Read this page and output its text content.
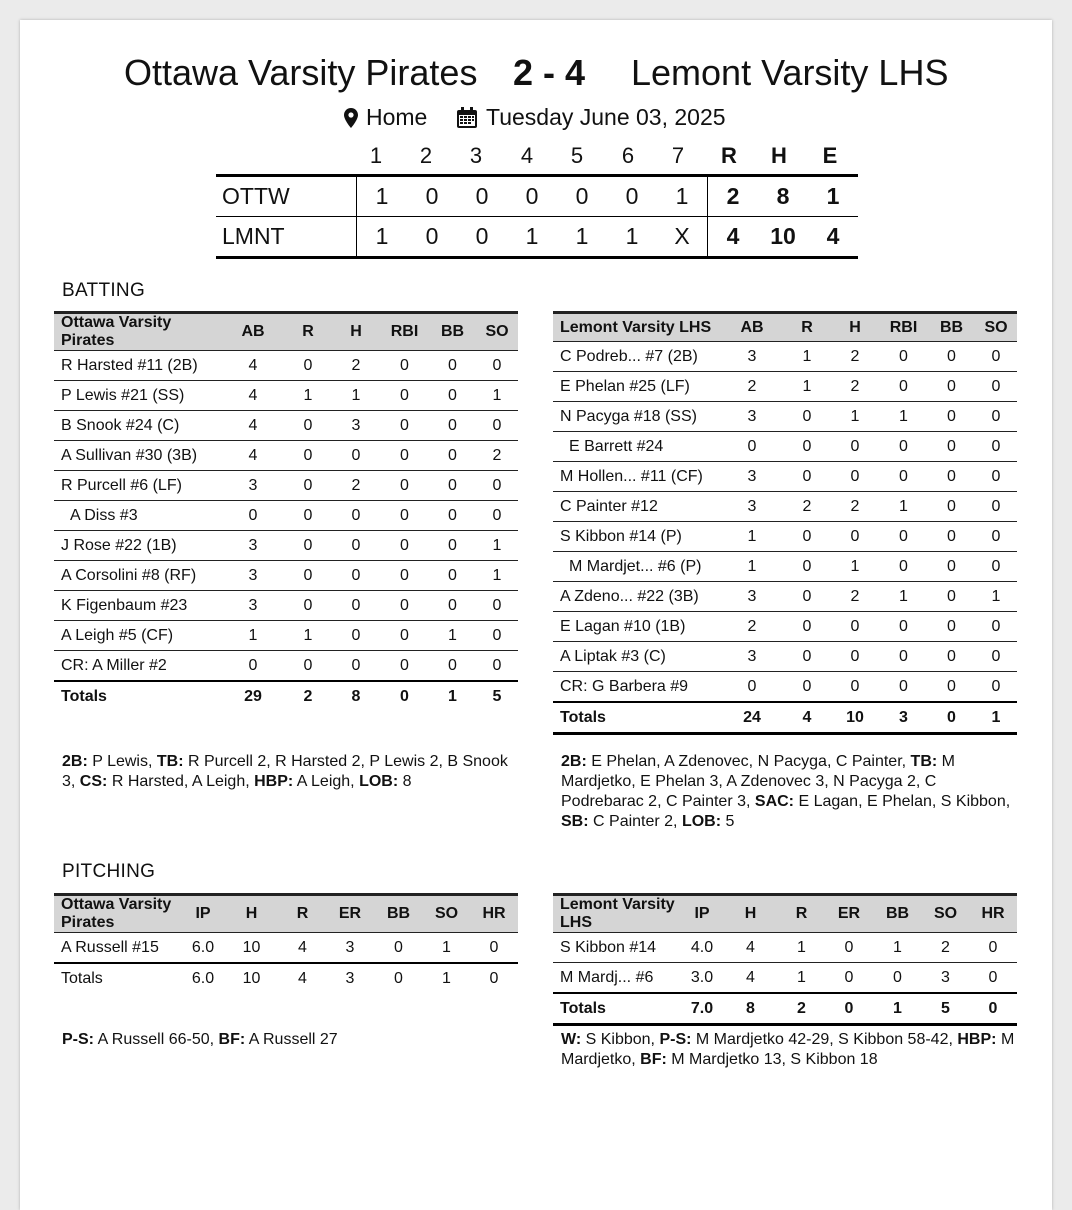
Ottawa Varsity Pirates 2 - 4 Lemont Varsity LHS
Home	Tuesday June 03, 2025
1	2	3	4	5	6	7	R	H	E
OTTW	1	0	0	0	0	0	1	2	8	1
LMNT	1	0	0	1	1	1	X	4	10	4
BATTING
Ottawa Varsity Pirates	AB	R	H	RBI	BB	SO
R Harsted #11 (2B)	4	0	2	0	0	0
P Lewis #21 (SS)	4	1	1	0	0	1
B Snook #24 (C)	4	0	3	0	0	0
A Sullivan #30 (3B)	4	0	0	0	0	2
R Purcell #6 (LF)	3	0	2	0	0	0
A Diss #3	0	0	0	0	0	0
J Rose #22 (1B)	3	0	0	0	0	1
A Corsolini #8 (RF)	3	0	0	0	0	1
K Figenbaum #23	3	0	0	0	0	0
A Leigh #5 (CF)	1	1	0	0	1	0
CR: A Miller #2	0	0	0	0	0	0
Totals	29	2	8	0	1	5
Lemont Varsity LHS	AB	R	H	RBI	BB	SO
C Podreb... #7 (2B)	3	1	2	0	0	0
E Phelan #25 (LF)	2	1	2	0	0	0
N Pacyga #18 (SS)	3	0	1	1	0	0
E Barrett #24	0	0	0	0	0	0
M Hollen... #11 (CF)	3	0	0	0	0	0
C Painter #12	3	2	2	1	0	0
S Kibbon #14 (P)	1	0	0	0	0	0
M Mardjet... #6 (P)	1	0	1	0	0	0
A Zdeno... #22 (3B)	3	0	2	1	0	1
E Lagan #10 (1B)	2	0	0	0	0	0
A Liptak #3 (C)	3	0	0	0	0	0
CR: G Barbera #9	0	0	0	0	0	0
Totals	24	4	10	3	0	1
2B: P Lewis, TB: R Purcell 2, R Harsted 2, P Lewis 2, B Snook 3, CS: R Harsted, A Leigh, HBP: A Leigh, LOB: 8
2B: E Phelan, A Zdenovec, N Pacyga, C Painter, TB: M Mardjetko, E Phelan 3, A Zdenovec 3, N Pacyga 2, C Podrebarac 2, C Painter 3, SAC: E Lagan, E Phelan, S Kibbon, SB: C Painter 2, LOB: 5
PITCHING
Ottawa Varsity Pirates	IP	H	R	ER	BB	SO	HR
A Russell #15	6.0	10	4	3	0	1	0
Totals	6.0	10	4	3	0	1	0
Lemont Varsity LHS	IP	H	R	ER	BB	SO	HR
S Kibbon #14	4.0	4	1	0	1	2	0
M Mardj... #6	3.0	4	1	0	0	3	0
Totals	7.0	8	2	0	1	5	0
P-S: A Russell 66-50, BF: A Russell 27	W: S Kibbon, P-S: M Mardjetko 42-29, S Kibbon 58-42, HBP: M Mardjetko, BF: M Mardjetko 13, S Kibbon 18
